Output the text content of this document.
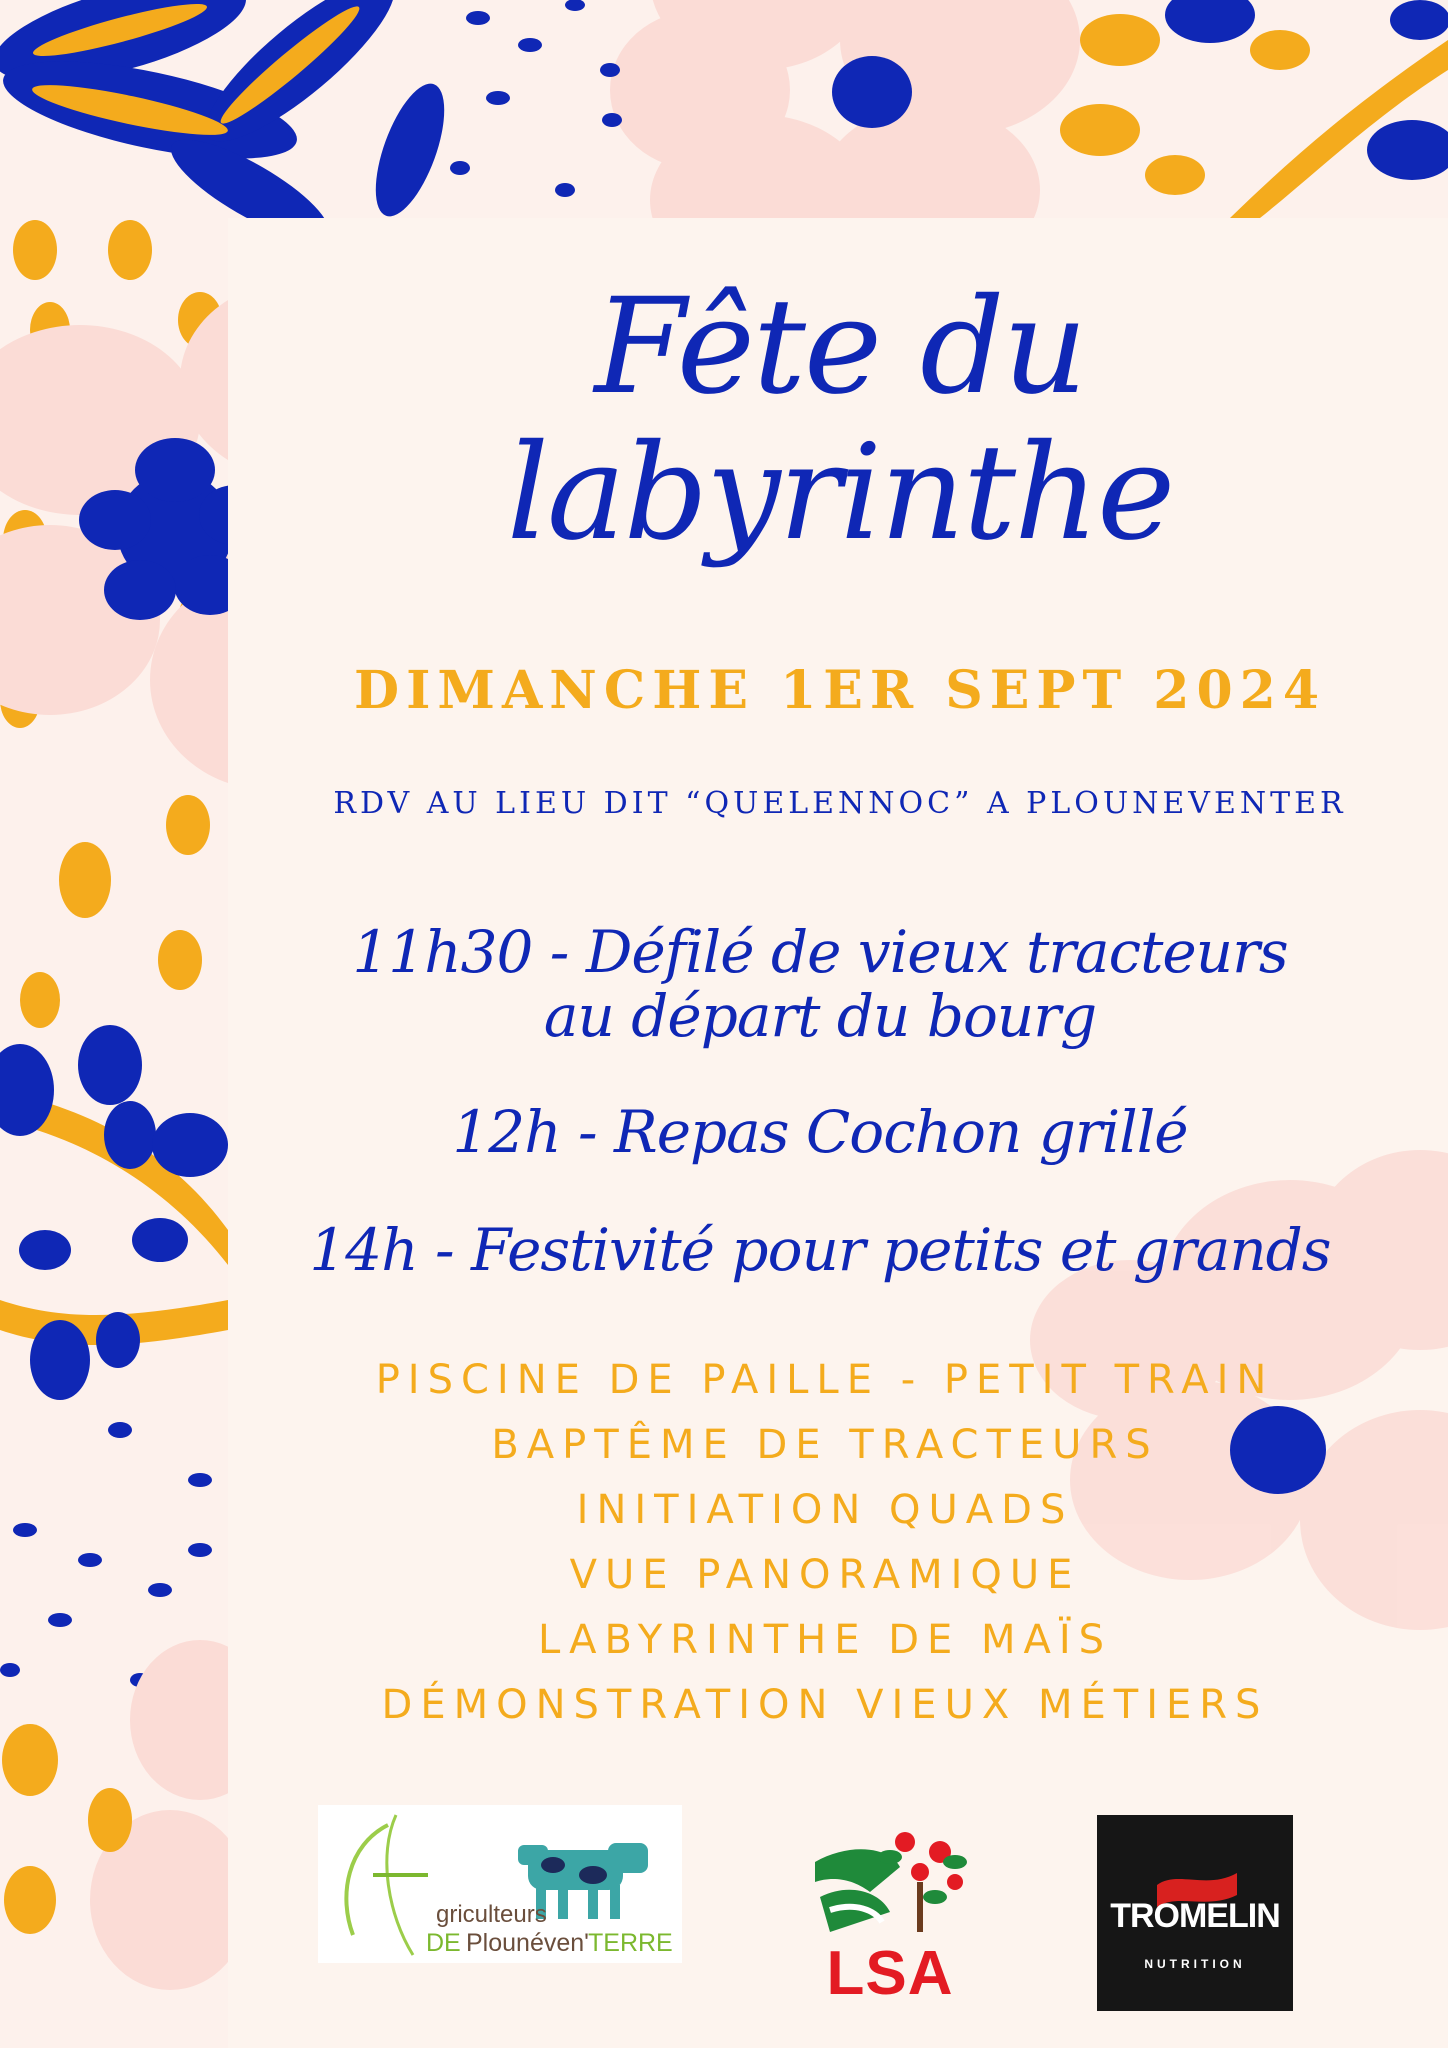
Fête du
labyrinthe
DIMANCHE 1ER SEPT 2024
RDV AU LIEU DIT “QUELENNOC” A PLOUNEVENTER
11h30 - Défilé de vieux tracteurs
au départ du bourg
12h - Repas Cochon grillé
14h - Festivité pour petits et grands
PISCINE DE PAILLE - PETIT TRAIN
BAPTÊME DE TRACTEURS
INITIATION QUADS
VUE PANORAMIQUE
LABYRINTHE DE MAÏS
DÉMONSTRATION VIEUX MÉTIERS
griculteurs
DE Plounéven' TERRE LSA
TROMELIN
NUTRITION
